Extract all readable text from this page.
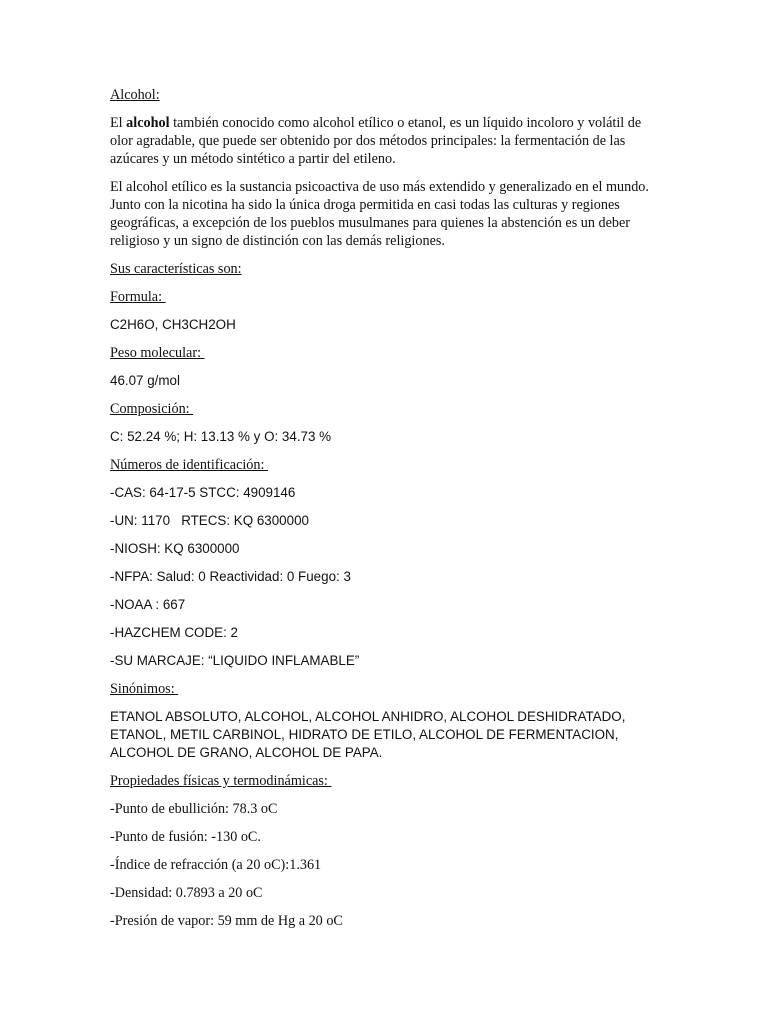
Alcohol:

El alcohol también conocido como alcohol etílico o etanol, es un líquido incoloro y volátil de olor agradable, que puede ser obtenido por dos métodos principales: la fermentación de las azúcares y un método sintético a partir del etileno.

El alcohol etílico es la sustancia psicoactiva de uso más extendido y generalizado en el mundo. Junto con la nicotina ha sido la única droga permitida en casi todas las culturas y regiones geográficas, a excepción de los pueblos musulmanes para quienes la abstención es un deber religioso y un signo de distinción con las demás religiones.

Sus características son:

Formula:

C2H6O, CH3CH2OH

Peso molecular:

46.07 g/mol

Composición:

C: 52.24 %; H: 13.13 % y O: 34.73 %

Números de identificación:

-CAS: 64-17-5 STCC: 4909146

-UN: 1170   RTECS: KQ 6300000

-NIOSH: KQ 6300000

-NFPA: Salud: 0 Reactividad: 0 Fuego: 3

-NOAA : 667

-HAZCHEM CODE: 2

-SU MARCAJE: “LIQUIDO INFLAMABLE”

Sinónimos:

ETANOL ABSOLUTO, ALCOHOL, ALCOHOL ANHIDRO, ALCOHOL DESHIDRATADO, ETANOL, METIL CARBINOL, HIDRATO DE ETILO, ALCOHOL DE FERMENTACION, ALCOHOL DE GRANO, ALCOHOL DE PAPA.

Propiedades físicas y termodinámicas:

-Punto de ebullición: 78.3 oC

-Punto de fusión: -130 oC.

-Índice de refracción (a 20 oC):1.361

-Densidad: 0.7893 a 20 oC

-Presión de vapor: 59 mm de Hg a 20 oC
